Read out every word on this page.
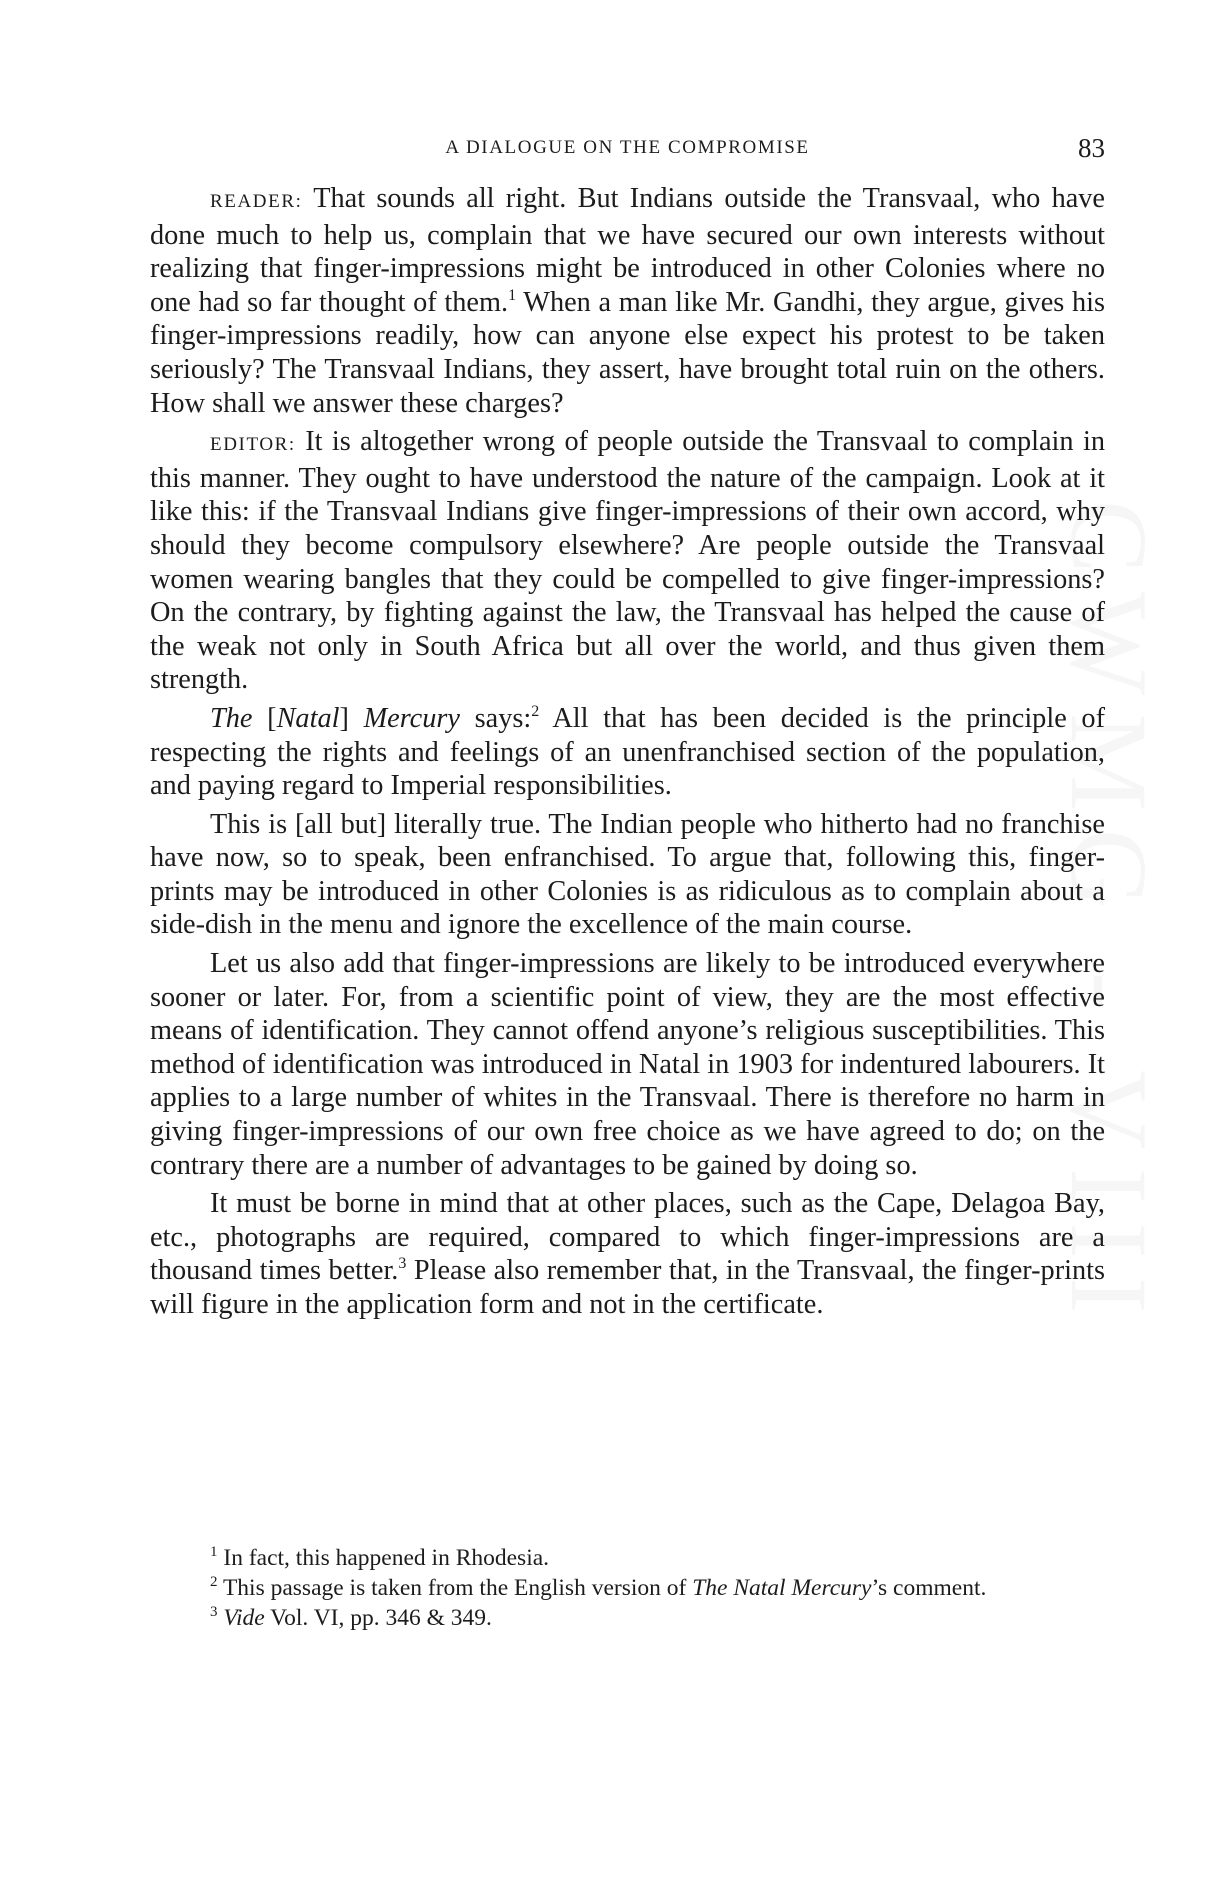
A DIALOGUE ON THE COMPROMISE	83

READER: That sounds all right. But Indians outside the Transvaal, who have done much to help us, complain that we have secured our own interests without realizing that finger-impressions might be introduced in other Colonies where no one had so far thought of them.$^1$ When a man like Mr. Gandhi, they argue, gives his finger-impressions readily, how can anyone else expect his protest to be taken seriously? The Transvaal Indians, they assert, have brought total ruin on the others. How shall we answer these charges?

EDITOR: It is altogether wrong of people outside the Transvaal to complain in this manner. They ought to have understood the nature of the campaign. Look at it like this: if the Transvaal Indians give finger-impressions of their own accord, why should they become compulsory elsewhere? Are people outside the Transvaal women wearing bangles that they could be compelled to give finger-impressions? On the contrary, by fighting against the law, the Transvaal has helped the cause of the weak not only in South Africa but all over the world, and thus given them strength.

The [Natal] Mercury says:$^2$ All that has been decided is the principle of respecting the rights and feelings of an unenfranchised section of the population, and paying regard to Imperial responsibilities.

This is [all but] literally true. The Indian people who hitherto had no franchise have now, so to speak, been enfranchised. To argue that, following this, finger-prints may be introduced in other Colonies is as ridiculous as to complain about a side-dish in the menu and ignore the excellence of the main course.

Let us also add that finger-impressions are likely to be introduced everywhere sooner or later. For, from a scientific point of view, they are the most effective means of identification. They cannot offend anyone’s religious susceptibilities. This method of identification was introduced in Natal in 1903 for indentured labourers. It applies to a large number of whites in the Transvaal. There is therefore no harm in giving finger-impressions of our own free choice as we have agreed to do; on the contrary there are a number of advantages to be gained by doing so.

It must be borne in mind that at other places, such as the Cape, Delagoa Bay, etc., photographs are required, compared to which finger-impressions are a thousand times better.$^3$ Please also remember that, in the Transvaal, the finger-prints will figure in the application form and not in the certificate.

$^1$ In fact, this happened in Rhodesia.

$^2$ This passage is taken from the English version of The Natal Mercury’s comment.

$^3$ Vide Vol. VI, pp. 346 & 349.
